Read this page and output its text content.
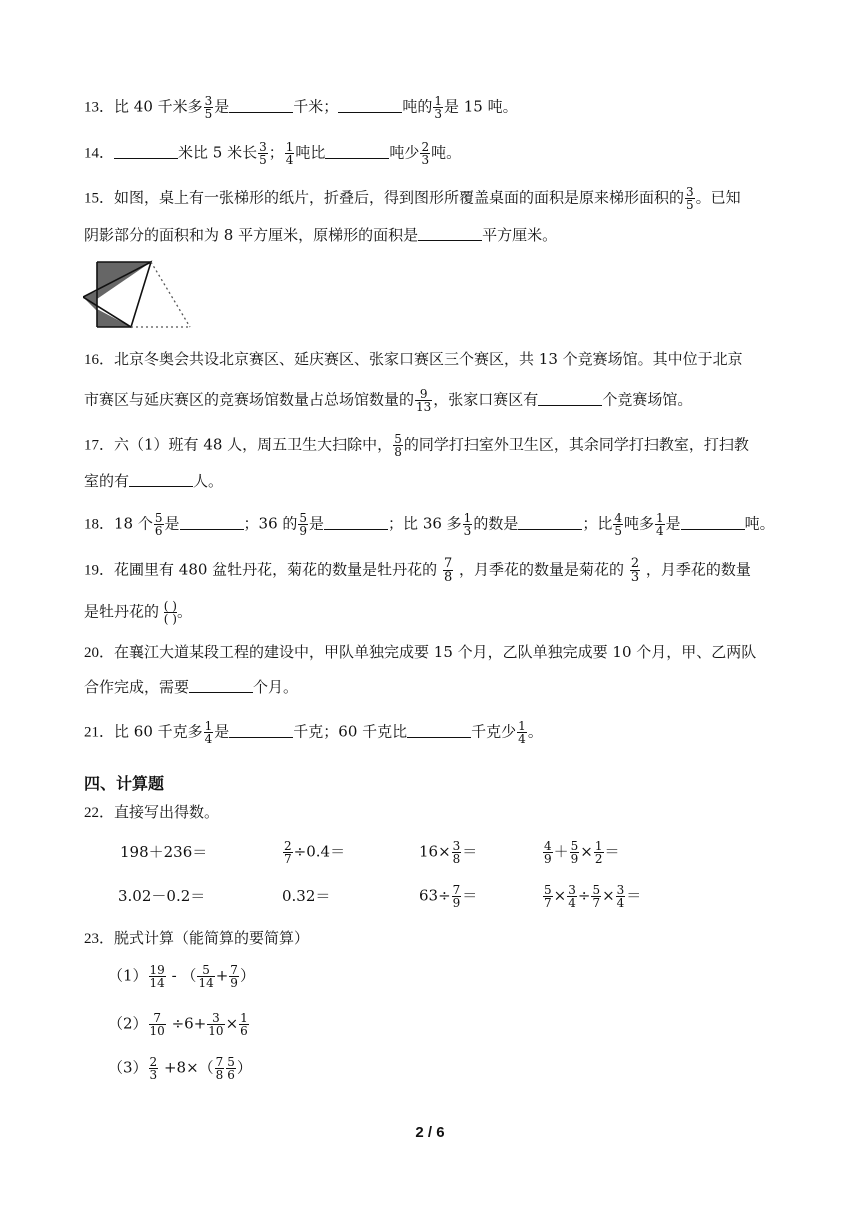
13．比 40 千米多 $\frac{3}{5}$ 是	千米；	吨的 $\frac{1}{3}$ 是 15 吨。
14．	米比 5 米长 $\frac{3}{5}$ ； $\frac{1}{4}$ 吨比	吨少 $\frac{2}{3}$ 吨。
15．如图，桌上有一张梯形的纸片，折叠后，得到图形所覆盖桌面的面积是原来梯形面积的 $\frac{3}{5}$ 。已知
阴影部分的面积和为 8 平方厘米，原梯形的面积是	平方厘米。
16．北京冬奥会共设北京赛区、延庆赛区、张家口赛区三个赛区，共 13 个竞赛场馆。其中位于北京
市赛区与延庆赛区的竞赛场馆数量占总场馆数量的 $\frac{9}{13}$ ，张家口赛区有	个竞赛场馆。
17．六（1）班有 48 人，周五卫生大扫除中， $\frac{5}{8}$ 的同学打扫室外卫生区，其余同学打扫教室，打扫教
室的有	人。
18．18 个 $\frac{5}{6}$ 是	；36 的 $\frac{5}{9}$ 是	；比 36 多 $\frac{1}{3}$ 的数是	；比 $\frac{4}{5}$ 吨多 $\frac{1}{4}$ 是	吨。
19．花圃里有 480 盆牡丹花，菊花的数量是牡丹花的 $\frac{7}{8}$ ，月季花的数量是菊花的 $\frac{2}{3}$ ，月季花的数量
是牡丹花的 ( )
( ) 。
20．在襄江大道某段工程的建设中，甲队单独完成要 15 个月，乙队单独完成要 10 个月，甲、乙两队
合作完成，需要	个月。
21．比 60 千克多 $\frac{1}{4}$ 是	千克；60 千克比	千克少 $\frac{1}{4}$ 。
四、计算题
22．直接写出得数。
198＋236＝	$\frac{2}{7} \div 0.4=$	$16\times \frac{3}{8}$ ＝	$\frac{4}{9} + \frac{5}{9} \times \frac{1}{2}$ ＝
3.02－0.2＝	0.32＝	$63\div \frac{7}{9}$ ＝	$\frac{5}{7} \times \frac{3}{4} \div \frac{5}{7} \times \frac{3}{4}$ ＝
23．脱式计算（能简算的要简算）
$(1) \frac{19}{14}$ - （ $\frac{5}{14} + \frac{7}{9}$ ）
$(2) \frac{7}{10} \div 6+ \frac{3}{10} \times \frac{1}{6}$
$(3) \frac{2}{3} +8\times( \frac{7}{8} \frac{5}{6}$ ）
2 / 6
